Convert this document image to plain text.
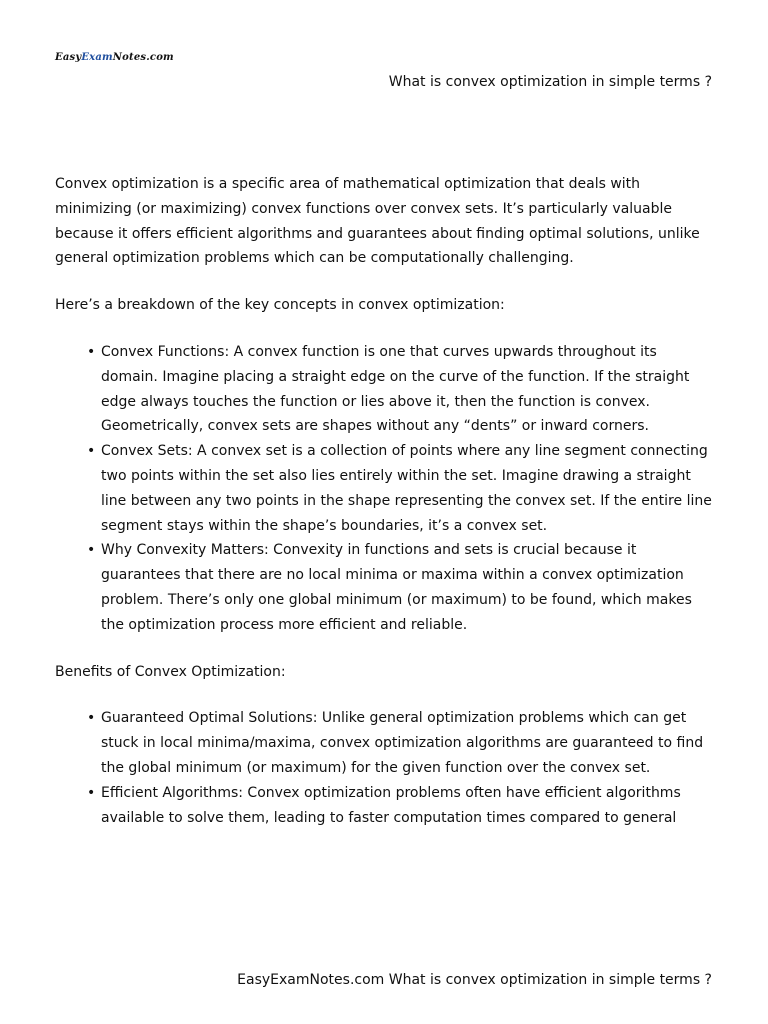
EasyExamNotes.com
What is convex optimization in simple terms ?

Convex optimization is a specific area of mathematical optimization that deals with minimizing (or maximizing) convex functions over convex sets. It’s particularly valuable because it offers efficient algorithms and guarantees about finding optimal solutions, unlike general optimization problems which can be computationally challenging.

Here’s a breakdown of the key concepts in convex optimization:

• Convex Functions: A convex function is one that curves upwards throughout its domain. Imagine placing a straight edge on the curve of the function. If the straight edge always touches the function or lies above it, then the function is convex. Geometrically, convex sets are shapes without any “dents” or inward corners.
• Convex Sets: A convex set is a collection of points where any line segment connecting two points within the set also lies entirely within the set. Imagine drawing a straight line between any two points in the shape representing the convex set. If the entire line segment stays within the shape’s boundaries, it’s a convex set.
• Why Convexity Matters: Convexity in functions and sets is crucial because it guarantees that there are no local minima or maxima within a convex optimization problem. There’s only one global minimum (or maximum) to be found, which makes the optimization process more efficient and reliable.

Benefits of Convex Optimization:

• Guaranteed Optimal Solutions: Unlike general optimization problems which can get stuck in local minima/maxima, convex optimization algorithms are guaranteed to find the global minimum (or maximum) for the given function over the convex set.
• Efficient Algorithms: Convex optimization problems often have efficient algorithms available to solve them, leading to faster computation times compared to general
EasyExamNotes.com What is convex optimization in simple terms ?
